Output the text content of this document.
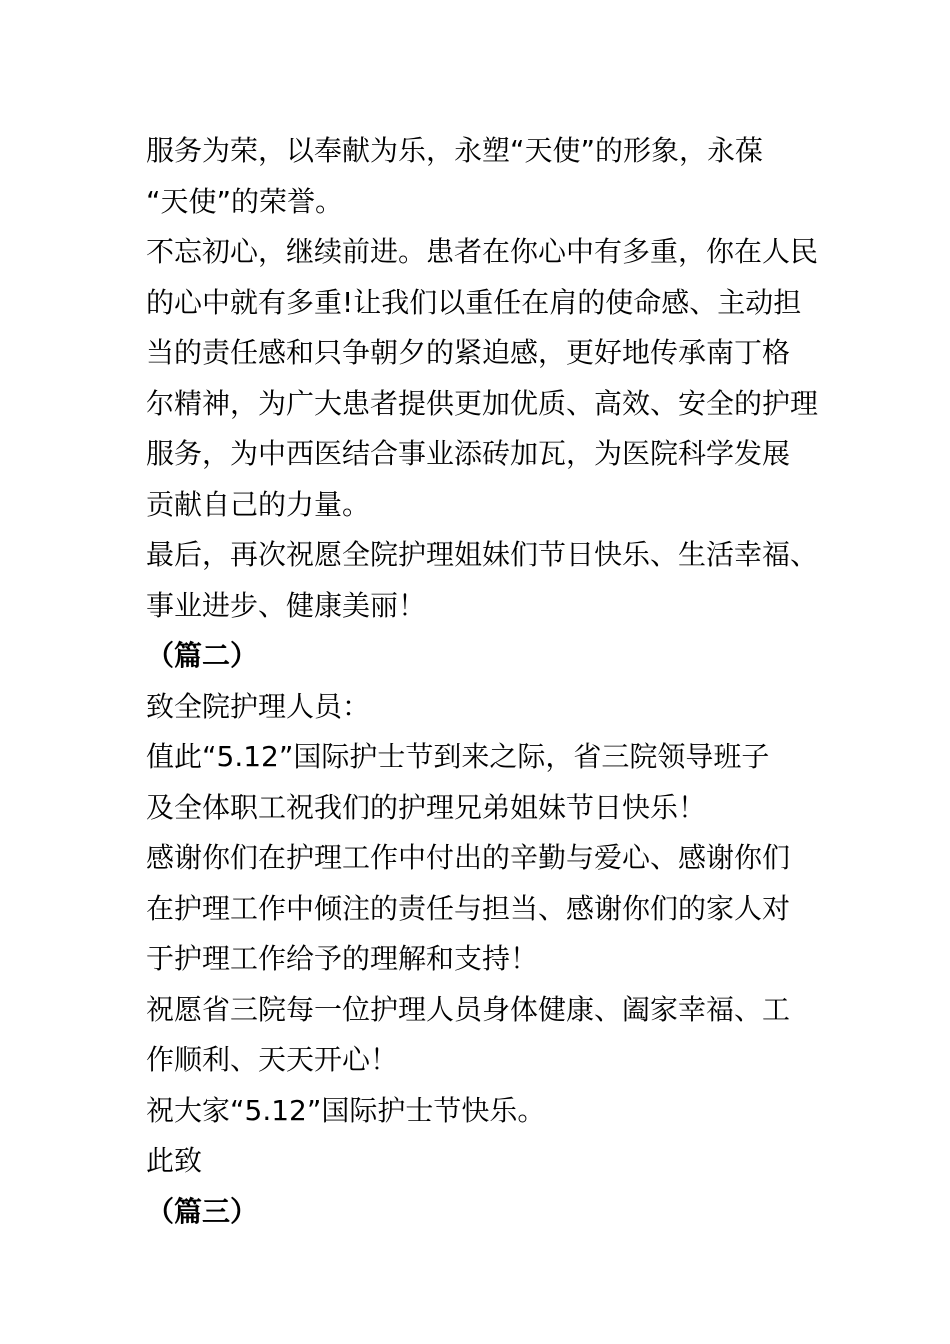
服务为荣，以奉献为乐，永塑“天使”的形象，永葆
“天使”的荣誉。
不忘初心，继续前进。患者在你心中有多重，你在人民
的心中就有多重!让我们以重任在肩的使命感、主动担
当的责任感和只争朝夕的紧迫感，更好地传承南丁格
尔精神，为广大患者提供更加优质、高效、安全的护理
服务，为中西医结合事业添砖加瓦，为医院科学发展
贡献自己的力量。
最后，再次祝愿全院护理姐妹们节日快乐、生活幸福、
事业进步、健康美丽！
（篇二）
致全院护理人员：
值此“5.12”国际护士节到来之际，省三院领导班子
及全体职工祝我们的护理兄弟姐妹节日快乐！
感谢你们在护理工作中付出的辛勤与爱心、感谢你们
在护理工作中倾注的责任与担当、感谢你们的家人对
于护理工作给予的理解和支持！
祝愿省三院每一位护理人员身体健康、阖家幸福、工
作顺利、天天开心！
祝大家“5.12”国际护士节快乐。
此致
（篇三）
